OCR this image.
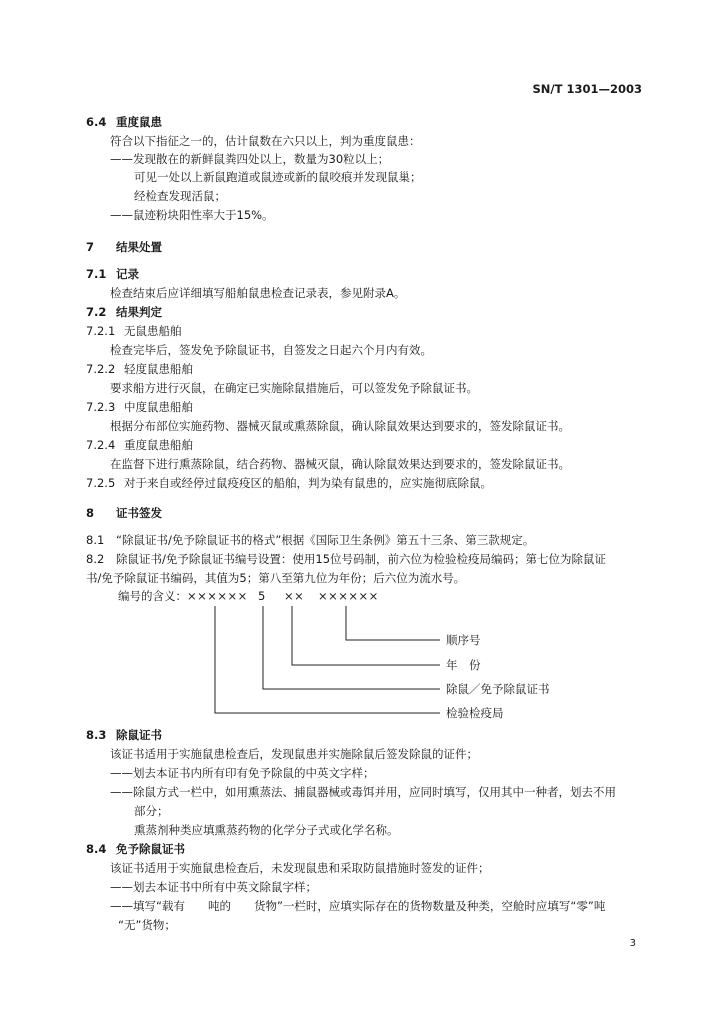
SN/T 1301—2003
6.4 重度鼠患
符合以下指征之一的，估计鼠数在六只以上，判为重度鼠患：
——发现散在的新鲜鼠粪四处以上，数量为30粒以上；
可见一处以上新鼠跑道或鼠迹或新的鼠咬痕并发现鼠巢；
经检查发现活鼠；
——鼠迹粉块阳性率大于15%。
7 结果处置
7.1 记录
检查结束后应详细填写船舶鼠患检查记录表，参见附录A。
7.2 结果判定
7.2.1 无鼠患船舶
检查完毕后，签发免予除鼠证书，自签发之日起六个月内有效。
7.2.2 轻度鼠患船舶
要求船方进行灭鼠，在确定已实施除鼠措施后，可以签发免予除鼠证书。
7.2.3 中度鼠患船舶
根据分布部位实施药物、器械灭鼠或熏蒸除鼠，确认除鼠效果达到要求的，签发除鼠证书。
7.2.4 重度鼠患船舶
在监督下进行熏蒸除鼠，结合药物、器械灭鼠，确认除鼠效果达到要求的，签发除鼠证书。
7.2.5 对于来自或经停过鼠疫疫区的船舶，判为染有鼠患的，应实施彻底除鼠。
8 证书签发
8.1 “除鼠证书/免予除鼠证书的格式”根据《国际卫生条例》第五十三条、第三款规定。
8.2 除鼠证书/免予除鼠证书编号设置：使用15位号码制，前六位为检验检疫局编码；第七位为除鼠证
书/免予除鼠证书编码，其值为5；第八至第九位为年份；后六位为流水号。
8.3 除鼠证书
该证书适用于实施鼠患检查后，发现鼠患并实施除鼠后签发除鼠的证件；
——划去本证书内所有印有免予除鼠的中英文字样；
——除鼠方式一栏中，如用熏蒸法、捕鼠器械或毒饵并用，应同时填写，仅用其中一种者，划去不用
部分；
熏蒸剂种类应填熏蒸药物的化学分子式或化学名称。
8.4 免予除鼠证书
该证书适用于实施鼠患检查后，未发现鼠患和采取防鼠措施时签发的证件；
——划去本证书中所有中英文除鼠字样；
——填写“载有　　吨的　　货物”一栏时，应填实际存在的货物数量及种类，空舱时应填写“零”吨
“无”货物；
编号的含义： ×××××× 5 ×× ××××××
顺序号
年　份
除鼠／免予除鼠证书
检验检疫局
3
